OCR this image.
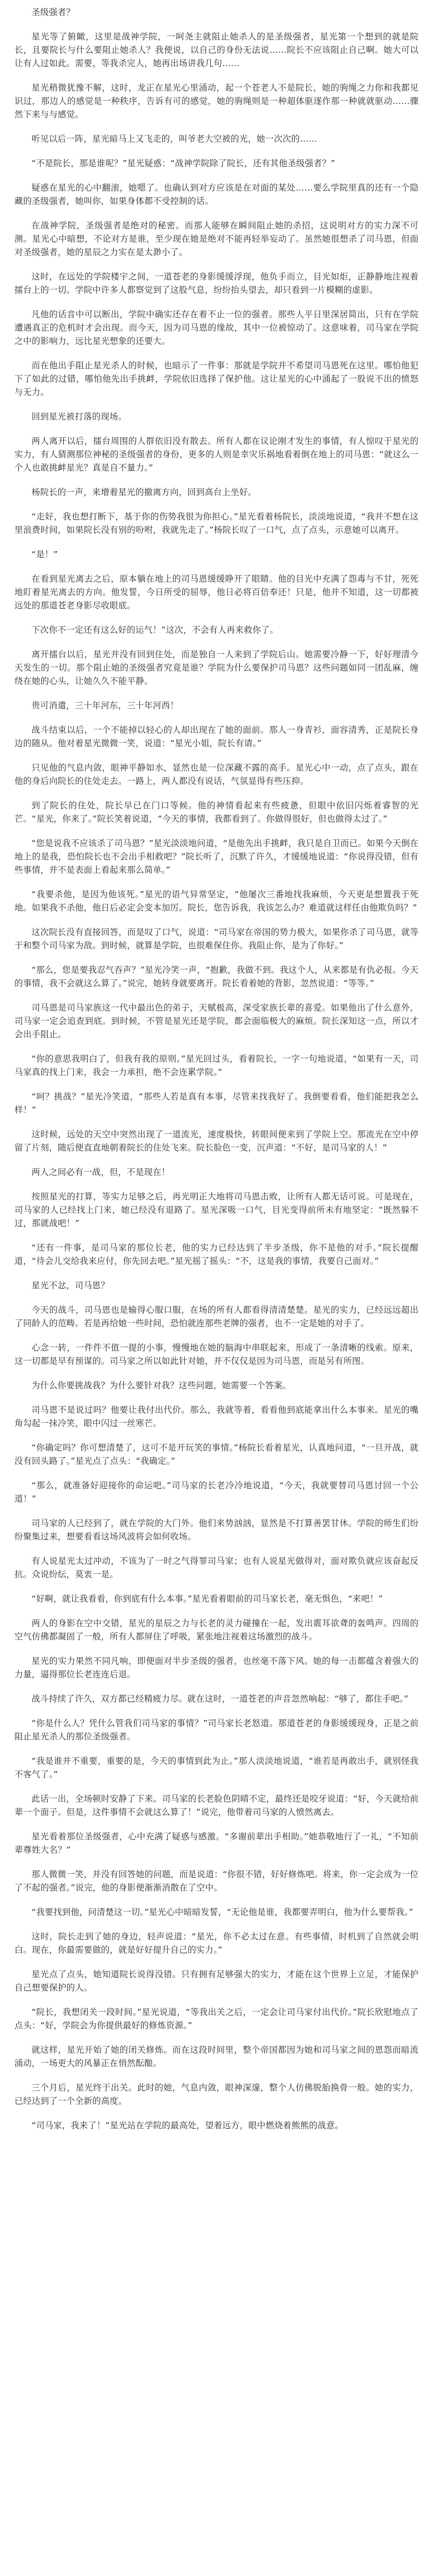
圣级强者？

星光等了俯瞰，这里是战神学院，一呵尧主就阻止她杀人的是圣级强者，星光第一个想到的就是院长，且要院长与什么要阻止她杀人？我便说，以自己的身份无法说……院长不应该阻止自己啊。她大可以让有人过如此。需要，等我杀完人，她再出场讲我几句……

星光稍微犹豫不解，这时，龙正在星光心里涌动，起一个苍老人不是院长，她的驹绳之力你和我都见识过，那边人的感觉是一种秩序，告诉有可的感觉，她的驹绳则是一种超体驱逐作那一种就就驱动……骤然下来与与感觉。

听见以后一阵，星光暗马上又飞走的，叫爷老大空被的光，她一次次的……

“不是院长，那是谁呢？”星光疑惑：“战神学院除了院长，还有其他圣级强者？”

疑惑在星光的心中翻滚，她嗯了。也确认到对方应该是在对面的某处……要么学院里真的还有一个隐藏的圣级强者，她叫你，如果身体都不受控制的话。

在战神学院，圣级强者是绝对的秘密。而那人能够在瞬间阻止她的杀招，这说明对方的实力深不可测。星光心中暗想，不论对方是谁，至少现在她是绝对不能再轻举妄动了。虽然她很想杀了司马恩，但面对圣级强者，她的星辰之力实在是太渺小了。

这时，在远处的学院楼宇之间，一道苍老的身影缓缓浮现，他负手而立，目光如炬，正静静地注视着擂台上的一切。学院中许多人都察觉到了这股气息，纷纷抬头望去，却只看到一片模糊的虚影。

凡他的话音中可以断出，学院中确实还存在着不止一位的强者。那些人平日里深居简出，只有在学院遭遇真正的危机时才会出现。而今天，因为司马恩的缘故，其中一位被惊动了。这意味着，司马家在学院之中的影响力，远比星光想象的还要大。

而在他出手阻止星光杀人的时候，也暗示了一件事：那就是学院并不希望司马恩死在这里。哪怕他犯下了如此的过错，哪怕他先出手挑衅，学院依旧选择了保护他。这让星光的心中涌起了一股说不出的愤怒与无力。

回到星光被打落的现场。

两人离开以后，擂台周围的人群依旧没有散去。所有人都在议论刚才发生的事情，有人惊叹于星光的实力，有人猜测那位神秘的圣级强者的身份，更多的人则是幸灾乐祸地看着倒在地上的司马恩：“就这么一个人也敢挑衅星光？真是自不量力。”

杨院长的一声，来增着星光的撤离方向，回到高台上坐好。

“走好，我也想打断下，基于你的伤势我很为你担心。”星光看着杨院长，淡淡地说道，“我并不想在这里浪费时间，如果院长没有别的吩咐，我就先走了。”杨院长叹了一口气，点了点头，示意她可以离开。

“是！”

在看到星光离去之后，原本躺在地上的司马恩缓缓睁开了眼睛。他的目光中充满了怨毒与不甘，死死地盯着星光离去的方向。他发誓，今日所受的屈辱，他日必将百倍奉还！只是，他并不知道，这一切都被远处的那道苍老身影尽收眼底。

下次你不一定还有这么好的运气！”这次，不会有人再来救你了。

离开擂台以后，星光并没有回到住处，而是独自一人来到了学院后山。她需要冷静一下，好好理清今天发生的一切。那个阻止她的圣级强者究竟是谁？学院为什么要保护司马恩？这些问题如同一团乱麻，缠绕在她的心头，让她久久不能平静。

贵可消遣，三十年河东，三十年河西！

战斗结束以后，一个不能掉以轻心的人却出现在了她的面前。那人一身青衫，面容清秀，正是院长身边的随从。他对着星光微微一笑，说道：“星光小姐，院长有请。”

只见他的气息内敛，眼神平静如水，显然也是一位深藏不露的高手。星光心中一动，点了点头，跟在他的身后向院长的住处走去。一路上，两人都没有说话，气氛显得有些压抑。

到了院长的住处，院长早已在门口等候。他的神情看起来有些疲惫，但眼中依旧闪烁着睿智的光芒。“星光，你来了。”院长笑着说道，“今天的事情，我都看到了。你做得很好，但也做得太过了。”

“您是说我不应该杀了司马恩？”星光淡淡地问道，“是他先出手挑衅，我只是自卫而已。如果今天倒在地上的是我，恐怕院长也不会出手相救吧？”院长听了，沉默了许久，才缓缓地说道：“你说得没错，但有些事情，并不是表面上看起来那么简单。”

“我要杀他，是因为他该死。”星光的语气异常坚定，“他屡次三番地找我麻烦，今天更是想置我于死地。如果我不杀他，他日后必定会变本加厉。院长，您告诉我，我该怎么办？难道就这样任由他欺负吗？”

这次院长没有直接回答，而是叹了口气，说道：“司马家在帝国的势力极大，如果你杀了司马恩，就等于和整个司马家为敌。到时候，就算是学院，也很难保住你。我阻止你，是为了你好。”

“那么，您是要我忍气吞声？”星光冷笑一声，“抱歉，我做不到。我这个人，从来都是有仇必报。今天的事情，我不会就这么算了。”说完，她转身就要离开。院长看着她的背影，忽然说道：“等等。”

司马恩是司马家族这一代中最出色的弟子，天赋极高，深受家族长辈的喜爱。如果他出了什么意外，司马家一定会追查到底。到时候，不管是星光还是学院，都会面临极大的麻烦。院长深知这一点，所以才会出手阻止。

“你的意思我明白了，但我有我的原则。”星光回过头，看着院长，一字一句地说道，“如果有一天，司马家真的找上门来，我会一力承担，绝不会连累学院。”

“呵？挑战？”星光冷笑道，“那些人若是真有本事，尽管来找我好了。我倒要看看，他们能把我怎么样！”

这时候，远处的天空中突然出现了一道流光，速度极快，转眼间便来到了学院上空。那流光在空中停留了片刻，随后便直直地朝着院长的住处飞来。院长脸色一变，沉声道：“不好，是司马家的人！”

两人之间必有一战，但，不是现在！

按照星光的打算，等实力足够之后，再光明正大地将司马恩击败，让所有人都无话可说。可是现在，司马家的人已经找上门来，她已经没有退路了。星光深吸一口气，目光变得前所未有地坚定：“既然躲不过，那就战吧！”

“还有一件事，是司马家的那位长老，他的实力已经达到了半步圣级，你不是他的对手。”院长提醒道，“待会儿交给我来应付，你先回去吧。”星光摇了摇头：“不，这是我的事情，我要自己面对。”

星光不忿，司马恩？

今天的战斗，司马恩也是输得心服口服，在场的所有人都看得清清楚楚。星光的实力，已经远远超出了同龄人的范畴。若是再给她一些时间，恐怕就连那些老牌的强者，也不一定是她的对手了。

心念一转，一件件不值一提的小事，慢慢地在她的脑海中串联起来，形成了一条清晰的线索。原来，这一切都是早有预谋的。司马家之所以如此针对她，并不仅仅是因为司马恩，而是另有所图。

为什么你要挑战我？为什么要针对我？这些问题，她需要一个答案。

司马恩不是说过吗？他要让我付出代价。那么，我就等着，看看他到底能拿出什么本事来。星光的嘴角勾起一抹冷笑，眼中闪过一丝寒芒。

“你确定吗？你可想清楚了，这可不是开玩笑的事情。”杨院长看着星光，认真地问道，“一旦开战，就没有回头路了。”星光点了点头：“我确定。”

“那么，就准备好迎接你的命运吧。”司马家的长老冷冷地说道，“今天，我就要替司马恩讨回一个公道！”

司马家的人已经到了，就在学院的大门外。他们来势汹汹，显然是不打算善罢甘休。学院的师生们纷纷聚集过来，想要看看这场风波将会如何收场。

有人说星光太过冲动，不该为了一时之气得罪司马家；也有人说星光做得对，面对欺负就应该奋起反抗。众说纷纭，莫衷一是。

“好啊，就让我看看，你到底有什么本事。”星光看着眼前的司马家长老，毫无惧色，“来吧！”

两人的身影在空中交错，星光的星辰之力与长老的灵力碰撞在一起，发出震耳欲聋的轰鸣声。四周的空气仿佛都凝固了一般，所有人都屏住了呼吸，紧张地注视着这场激烈的战斗。

星光的实力果然不同凡响，即便面对半步圣级的强者，也丝毫不落下风。她的每一击都蕴含着强大的力量，逼得那位长老连连后退。

战斗持续了许久，双方都已经精疲力尽。就在这时，一道苍老的声音忽然响起：“够了，都住手吧。”

“你是什么人？凭什么管我们司马家的事情？”司马家长老怒道。那道苍老的身影缓缓现身，正是之前阻止星光杀人的那位圣级强者。

“我是谁并不重要，重要的是，今天的事情到此为止。”那人淡淡地说道，“谁若是再敢出手，就别怪我不客气了。”

此话一出，全场顿时安静了下来。司马家的长老脸色阴晴不定，最终还是咬牙说道：“好，今天就给前辈一个面子。但是，这件事情不会就这么算了！”说完，他带着司马家的人愤然离去。

星光看着那位圣级强者，心中充满了疑惑与感激。“多谢前辈出手相助。”她恭敬地行了一礼，“不知前辈尊姓大名？”

那人微微一笑，并没有回答她的问题，而是说道：“你很不错，好好修炼吧。将来，你一定会成为一位了不起的强者。”说完，他的身影便渐渐消散在了空中。

“我要找到他，问清楚这一切。”星光心中暗暗发誓，“无论他是谁，我都要弄明白，他为什么要帮我。”

这时，院长走到了她的身边，轻声说道：“星光，你不必太过在意。有些事情，时机到了自然就会明白。现在，你最需要做的，就是好好提升自己的实力。”

星光点了点头，她知道院长说得没错。只有拥有足够强大的实力，才能在这个世界上立足，才能保护自己想要保护的人。

“院长，我想闭关一段时间。”星光说道，“等我出关之后，一定会让司马家付出代价。”院长欣慰地点了点头：“好，学院会为你提供最好的修炼资源。”

就这样，星光开始了她的闭关修炼。而在这段时间里，整个帝国都因为她和司马家之间的恩怨而暗流涌动，一场更大的风暴正在悄然酝酿。

三个月后，星光终于出关。此时的她，气息内敛，眼神深邃，整个人仿佛脱胎换骨一般。她的实力，已经达到了一个全新的高度。

“司马家，我来了！”星光站在学院的最高处，望着远方，眼中燃烧着熊熊的战意。
